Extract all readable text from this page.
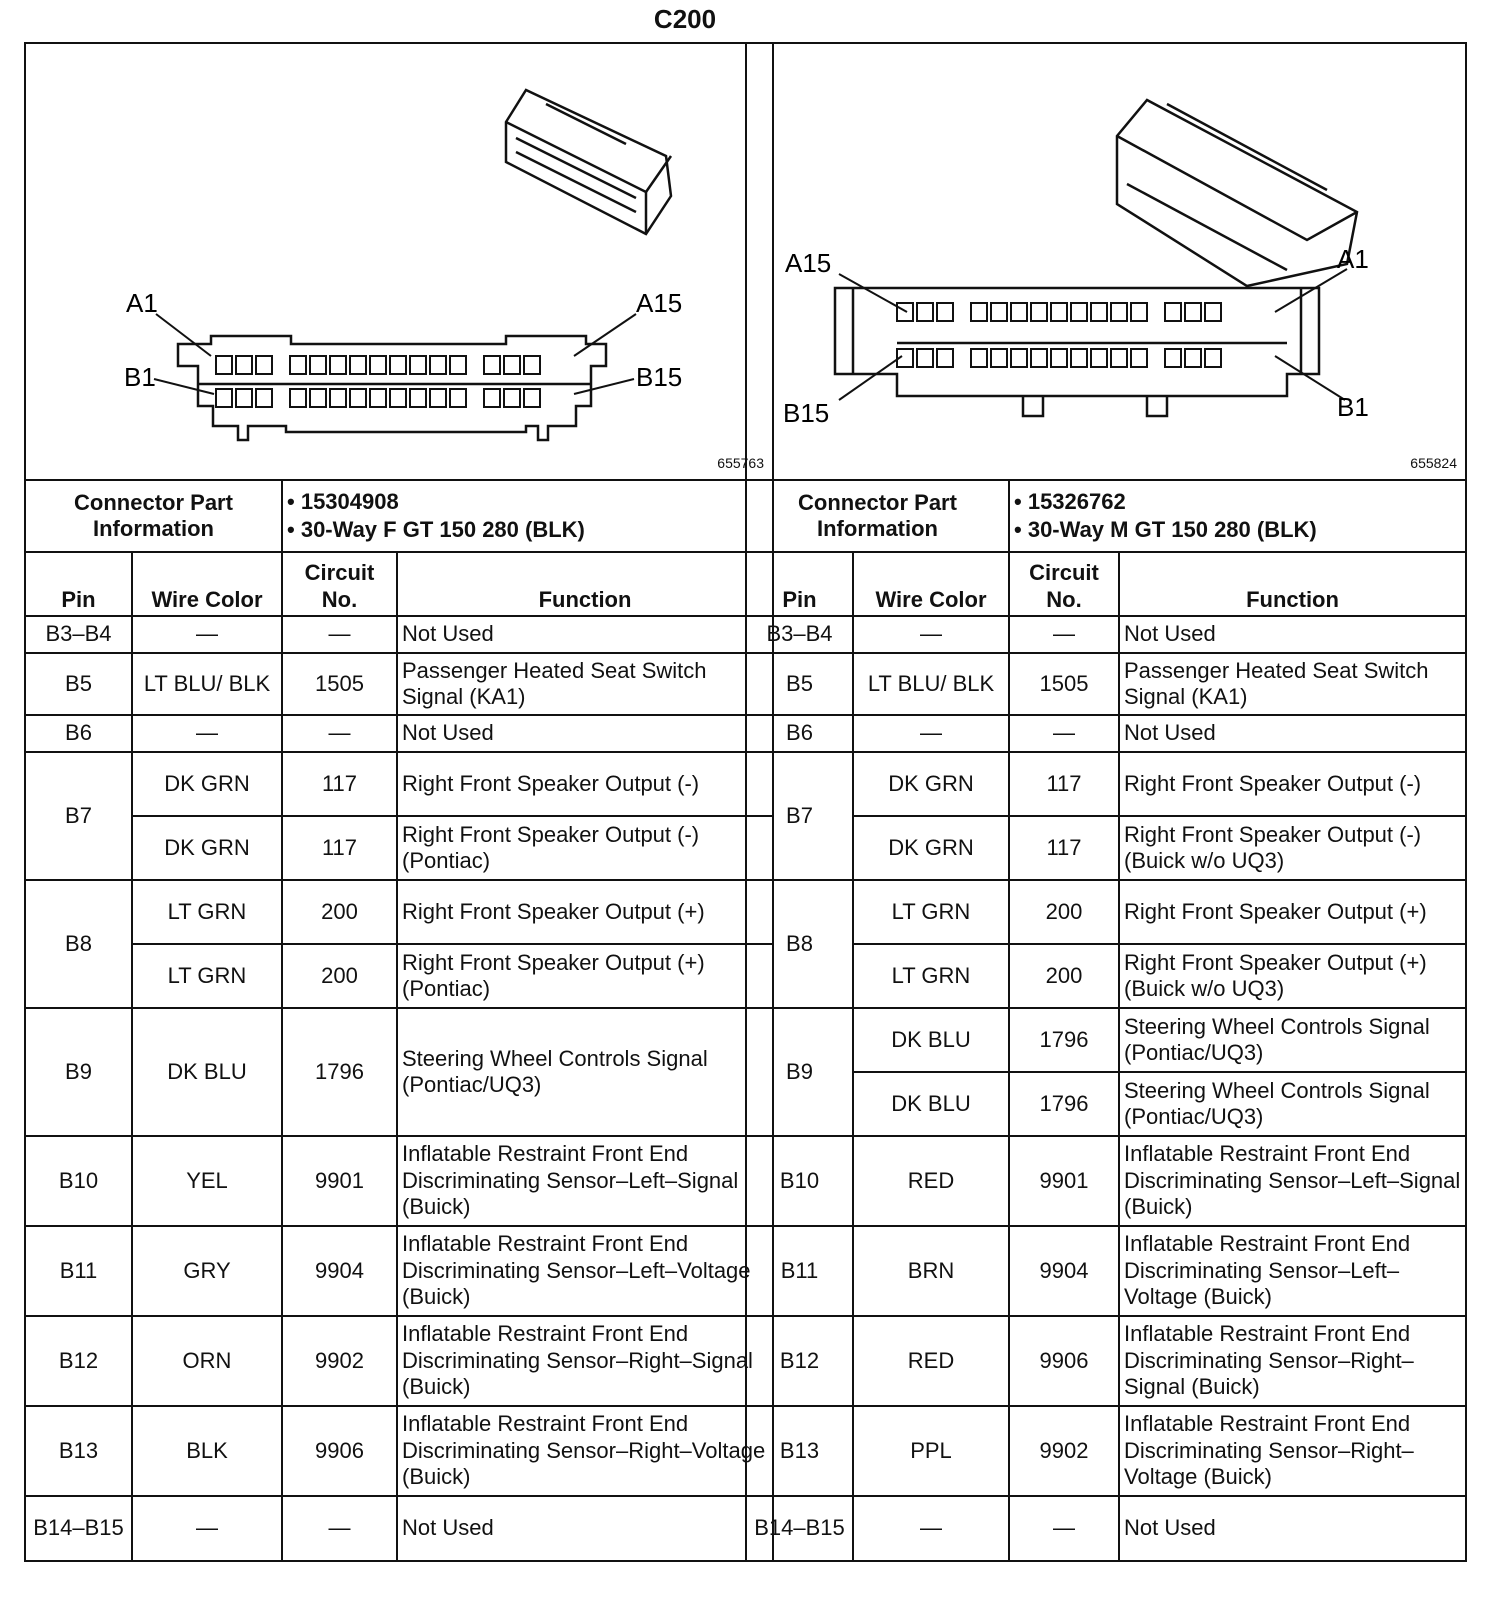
C200
A1	A15
B1	B15
655763
Connector Part Information	
• 15304908
• 30-Way F GT 150 280 (BLK)
Pin	Wire Color	Circuit No.	Function
B3–B4	—	—	Not Used
B5	LT BLU/ BLK	1505	Passenger Heated Seat Switch Signal (KA1)
B6	—	—	Not Used
B7	DK GRN	117	Right Front Speaker Output (-)
	DK GRN	117	Right Front Speaker Output (-) (Pontiac)
B8	LT GRN	200	Right Front Speaker Output (+)
	LT GRN	200	Right Front Speaker Output (+) (Pontiac)
B9	DK BLU	1796	Steering Wheel Controls Signal (Pontiac/UQ3)
B10	YEL	9901	Inflatable Restraint Front End Discriminating Sensor–Left–Signal (Buick)
B11	GRY	9904	Inflatable Restraint Front End Discriminating Sensor–Left–Voltage (Buick)
B12	ORN	9902	Inflatable Restraint Front End Discriminating Sensor–Right–Signal (Buick)
B13	BLK	9906	Inflatable Restraint Front End Discriminating Sensor–Right–Voltage (Buick)
B14–B15	—	—	Not Used
A15	A1
B15	B1
655824
Connector Part Information	
• 15326762
• 30-Way M GT 150 280 (BLK)
Pin	Wire Color	Circuit No.	Function
B3–B4	—	—	Not Used
B5	LT BLU/ BLK	1505	Passenger Heated Seat Switch Signal (KA1)
B6	—	—	Not Used
B7	DK GRN	117	Right Front Speaker Output (-)
	DK GRN	117	Right Front Speaker Output (-) (Buick w/o UQ3)
B8	LT GRN	200	Right Front Speaker Output (+)
	LT GRN	200	Right Front Speaker Output (+) (Buick w/o UQ3)
B9	DK BLU	1796	Steering Wheel Controls Signal (Pontiac/UQ3)
	DK BLU	1796	Steering Wheel Controls Signal (Pontiac/UQ3)
B10	RED	9901	Inflatable Restraint Front End Discriminating Sensor–Left–Signal (Buick)
B11	BRN	9904	Inflatable Restraint Front End Discriminating Sensor–Left–Voltage (Buick)
B12	RED	9906	Inflatable Restraint Front End Discriminating Sensor–Right–Signal (Buick)
B13	PPL	9902	Inflatable Restraint Front End Discriminating Sensor–Right–Voltage (Buick)
B14–B15	—	—	Not Used
